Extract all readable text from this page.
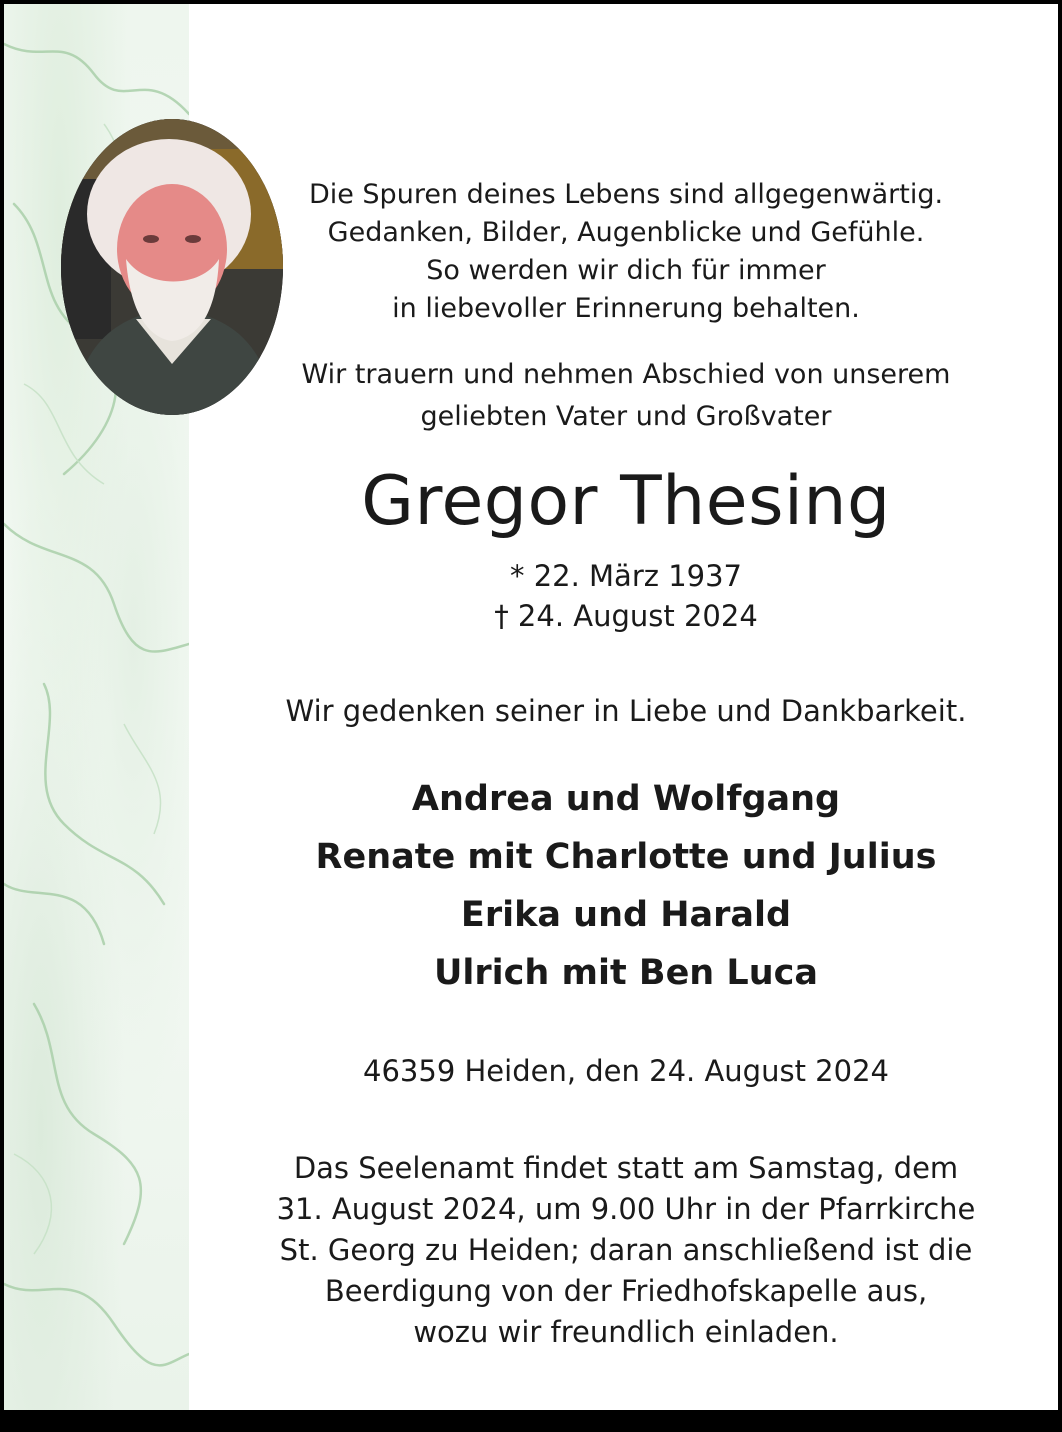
Die Spuren deines Lebens sind allgegenwärtig.
Gedanken, Bilder, Augenblicke und Gefühle.
So werden wir dich für immer
in liebevoller Erinnerung behalten.
Wir trauern und nehmen Abschied von unserem
geliebten Vater und Großvater
Gregor Thesing
* 22. März 1937
† 24. August 2024
Wir gedenken seiner in Liebe und Dankbarkeit.
Andrea und Wolfgang
Renate mit Charlotte und Julius
Erika und Harald
Ulrich mit Ben Luca
46359 Heiden, den 24. August 2024
Das Seelenamt findet statt am Samstag, dem
31. August 2024, um 9.00 Uhr in der Pfarrkirche
St. Georg zu Heiden; daran anschließend ist die
Beerdigung von der Friedhofskapelle aus,
wozu wir freundlich einladen.
Erschienen am 28.08.2024 © Verlag J. Mergelsberg GmbH
